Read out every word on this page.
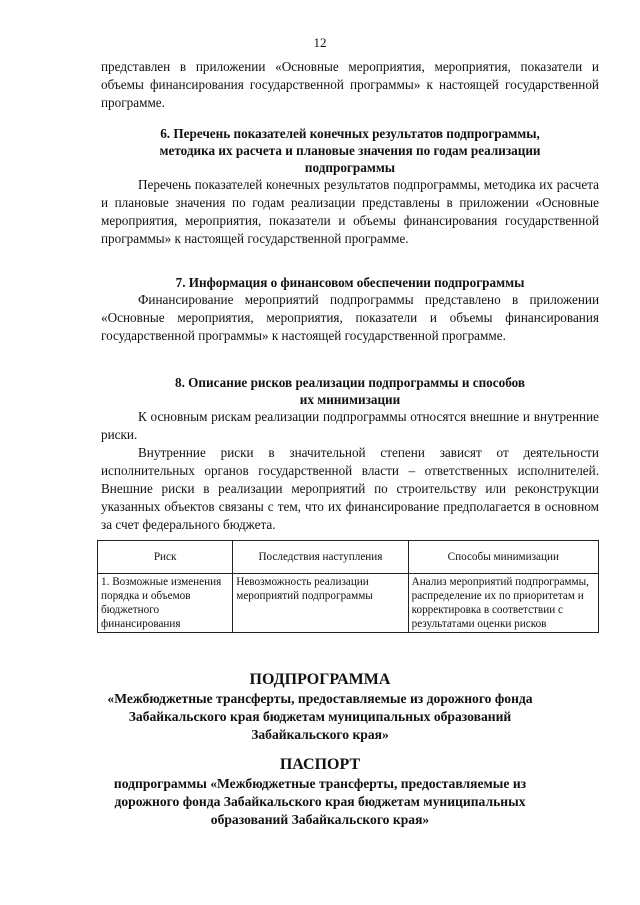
12

представлен в приложении «Основные мероприятия, мероприятия, показатели и объемы финансирования государственной программы» к настоящей государственной программе.

6. Перечень показателей конечных результатов подпрограммы,

методика их расчета и плановые значения по годам реализации

подпрограммы

Перечень показателей конечных результатов подпрограммы, методика их расчета и плановые значения по годам реализации представлены в приложении «Основные мероприятия, мероприятия, показатели и объемы финансирования государственной программы» к настоящей государственной программе.

7. Информация о финансовом обеспечении подпрограммы

Финансирование мероприятий подпрограммы представлено в приложении «Основные мероприятия, мероприятия, показатели и объемы финансирования государственной программы» к настоящей государственной программе.

8. Описание рисков реализации подпрограммы и способов

их минимизации

К основным рискам реализации подпрограммы относятся внешние и внутренние риски.

Внутренние риски в значительной степени зависят от деятельности исполнительных органов государственной власти – ответственных исполнителей. Внешние риски в реализации мероприятий по строительству или реконструкции указанных объектов связаны с тем, что их финансирование предполагается в основном за счет федерального бюджета.

Риск	Последствия наступления	Способы минимизации
1. Возможные изменения порядка и объемов бюджетного финансирования	Невозможность реализации мероприятий подпрограммы	Анализ мероприятий подпрограммы, распределение их по приоритетам и корректировка в соответствии с результатами оценки рисков

ПОДПРОГРАММА

«Межбюджетные трансферты, предоставляемые из дорожного фонда

Забайкальского края бюджетам муниципальных образований

Забайкальского края»

ПАСПОРТ

подпрограммы «Межбюджетные трансферты, предоставляемые из

дорожного фонда Забайкальского края бюджетам муниципальных

образований Забайкальского края»
